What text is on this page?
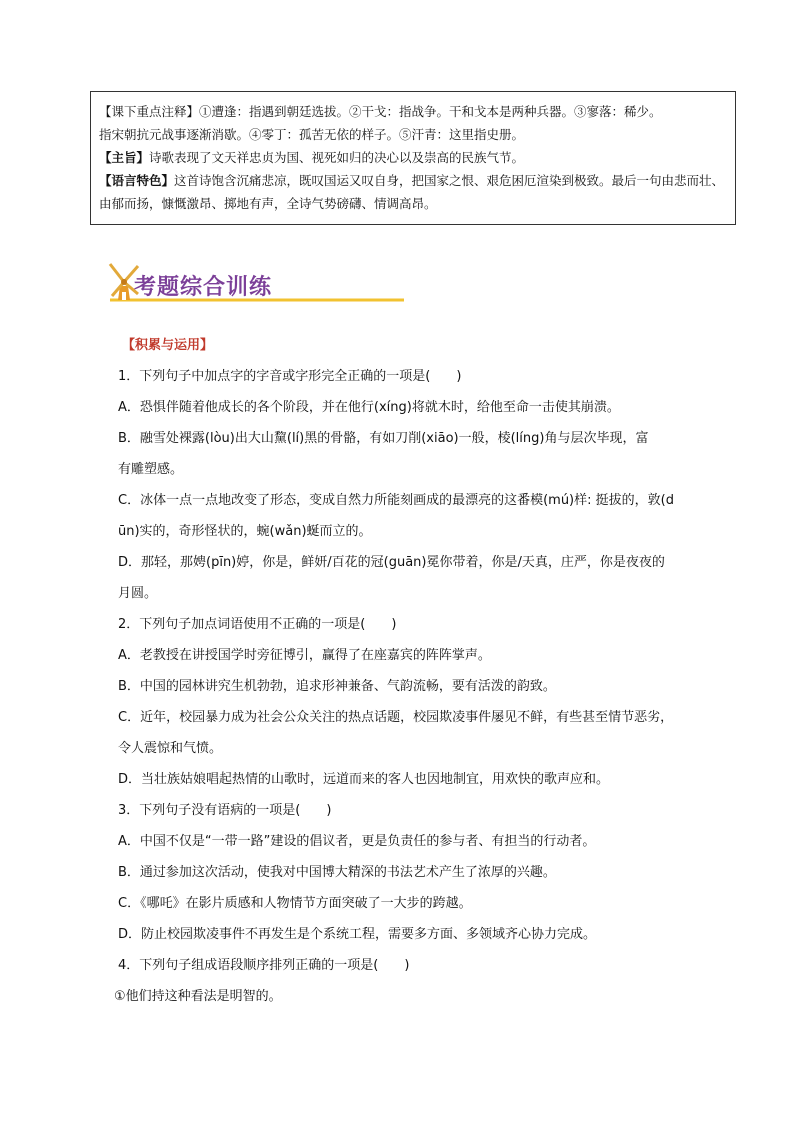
【课下重点注释】①遭逢：指遇到朝廷选拔。②干戈：指战争。干和戈本是两种兵器。③寥落：稀少。
指宋朝抗元战事逐渐消歇。④零丁：孤苦无依的样子。⑤汗青：这里指史册。
【主旨】诗歌表现了文天祥忠贞为国、视死如归的决心以及崇高的民族气节。
【语言特色】这首诗饱含沉痛悲凉，既叹国运又叹自身，把国家之恨、艰危困厄渲染到极致。最后一句由悲而壮、由郁而扬，慷慨激昂、掷地有声，全诗气势磅礴、情调高昂。
考题综合训练
【积累与运用】
1．下列句子中加点字的字音或字形完全正确的一项是(　　)
A．恐惧伴随着他成长的各个阶段，并在他行(xíng)将就木时，给他至命一击使其崩溃。
B．融雪处裸露(lòu)出大山黧(lí)黑的骨骼，有如刀削(xiāo)一般，棱(líng)角与层次毕现，富
有雕塑感。
C．冰体一点一点地改变了形态，变成自然力所能刻画成的最漂亮的这番模(mú)样: 挺拔的，敦(d
ūn)实的，奇形怪状的，蜿(wǎn)蜒而立的。
D．那轻，那娉(pīn)婷，你是，鲜妍/百花的冠(guān)冕你带着，你是/天真，庄严，你是夜夜的
月圆。
2．下列句子加点词语使用不正确的一项是(　　)
A．老教授在讲授国学时旁征博引，赢得了在座嘉宾的阵阵掌声。
B．中国的园林讲究生机勃勃，追求形神兼备、气韵流畅，要有活泼的韵致。
C．近年，校园暴力成为社会公众关注的热点话题，校园欺凌事件屡见不鲜，有些甚至情节恶劣，
令人震惊和气愤。
D．当壮族姑娘唱起热情的山歌时，远道而来的客人也因地制宜，用欢快的歌声应和。
3．下列句子没有语病的一项是(　　)
A．中国不仅是“一带一路”建设的倡议者，更是负责任的参与者、有担当的行动者。
B．通过参加这次活动，使我对中国博大精深的书法艺术产生了浓厚的兴趣。
C．《哪吒》在影片质感和人物情节方面突破了一大步的跨越。
D．防止校园欺凌事件不再发生是个系统工程，需要多方面、多领域齐心协力完成。
4．下列句子组成语段顺序排列正确的一项是(　　)
①他们持这种看法是明智的。
